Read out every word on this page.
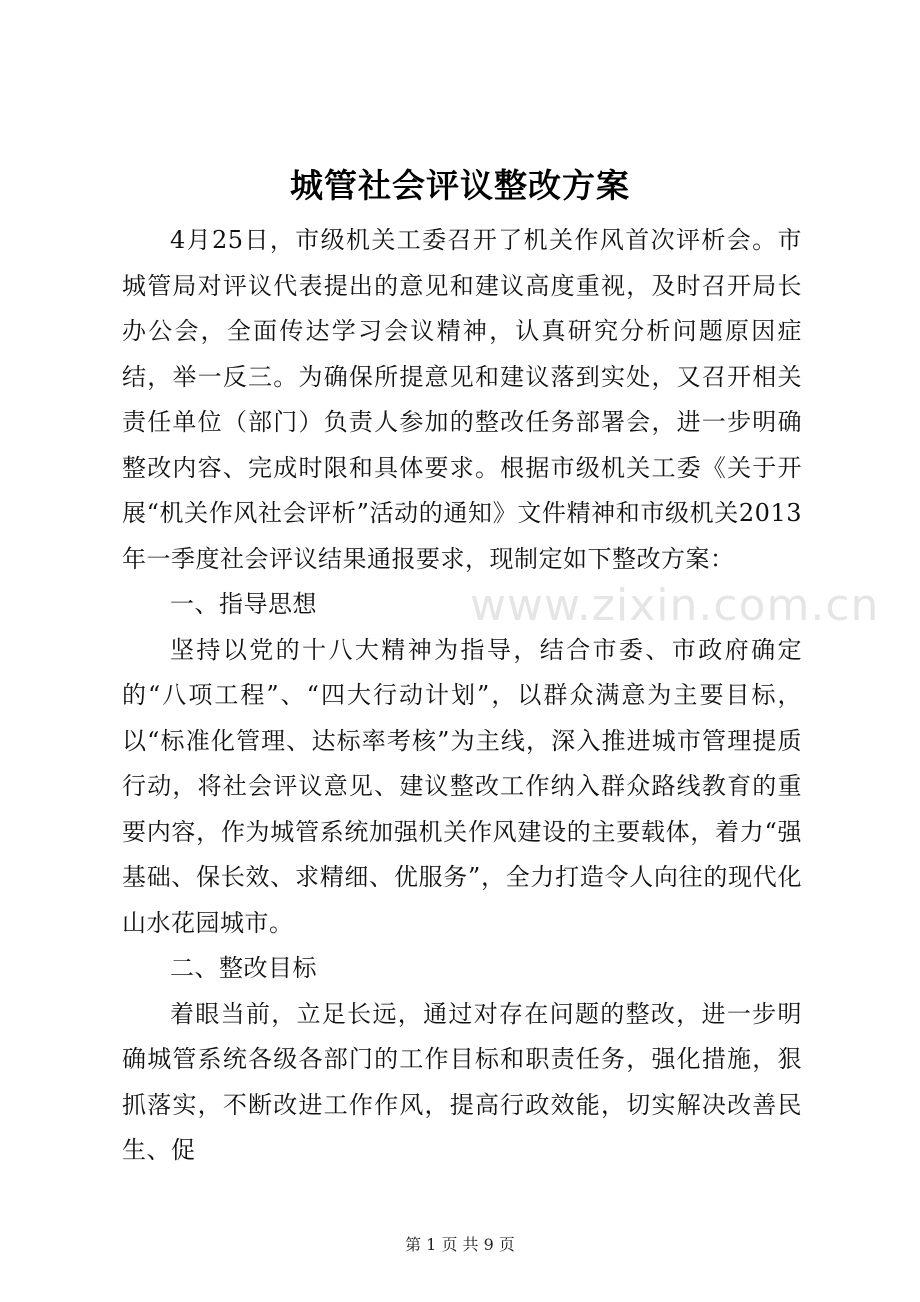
城管社会评议整改方案

4月25日，市级机关工委召开了机关作风首次评析会。市城管局对评议代表提出的意见和建议高度重视，及时召开局长办公会，全面传达学习会议精神，认真研究分析问题原因症结，举一反三。为确保所提意见和建议落到实处，又召开相关责任单位（部门）负责人参加的整改任务部署会，进一步明确整改内容、完成时限和具体要求。根据市级机关工委《关于开展“机关作风社会评析”活动的通知》文件精神和市级机关2013年一季度社会评议结果通报要求，现制定如下整改方案：

一、指导思想

坚持以党的十八大精神为指导，结合市委、市政府确定的“八项工程”、“四大行动计划”，以群众满意为主要目标，以“标准化管理、达标率考核”为主线，深入推进城市管理提质行动，将社会评议意见、建议整改工作纳入群众路线教育的重要内容，作为城管系统加强机关作风建设的主要载体，着力“强基础、保长效、求精细、优服务”，全力打造令人向往的现代化山水花园城市。

二、整改目标

着眼当前，立足长远，通过对存在问题的整改，进一步明确城管系统各级各部门的工作目标和职责任务，强化措施，狠抓落实，不断改进工作作风，提高行政效能，切实解决改善民生、促

www.zixin.com.cn
第 1 页 共 9 页
